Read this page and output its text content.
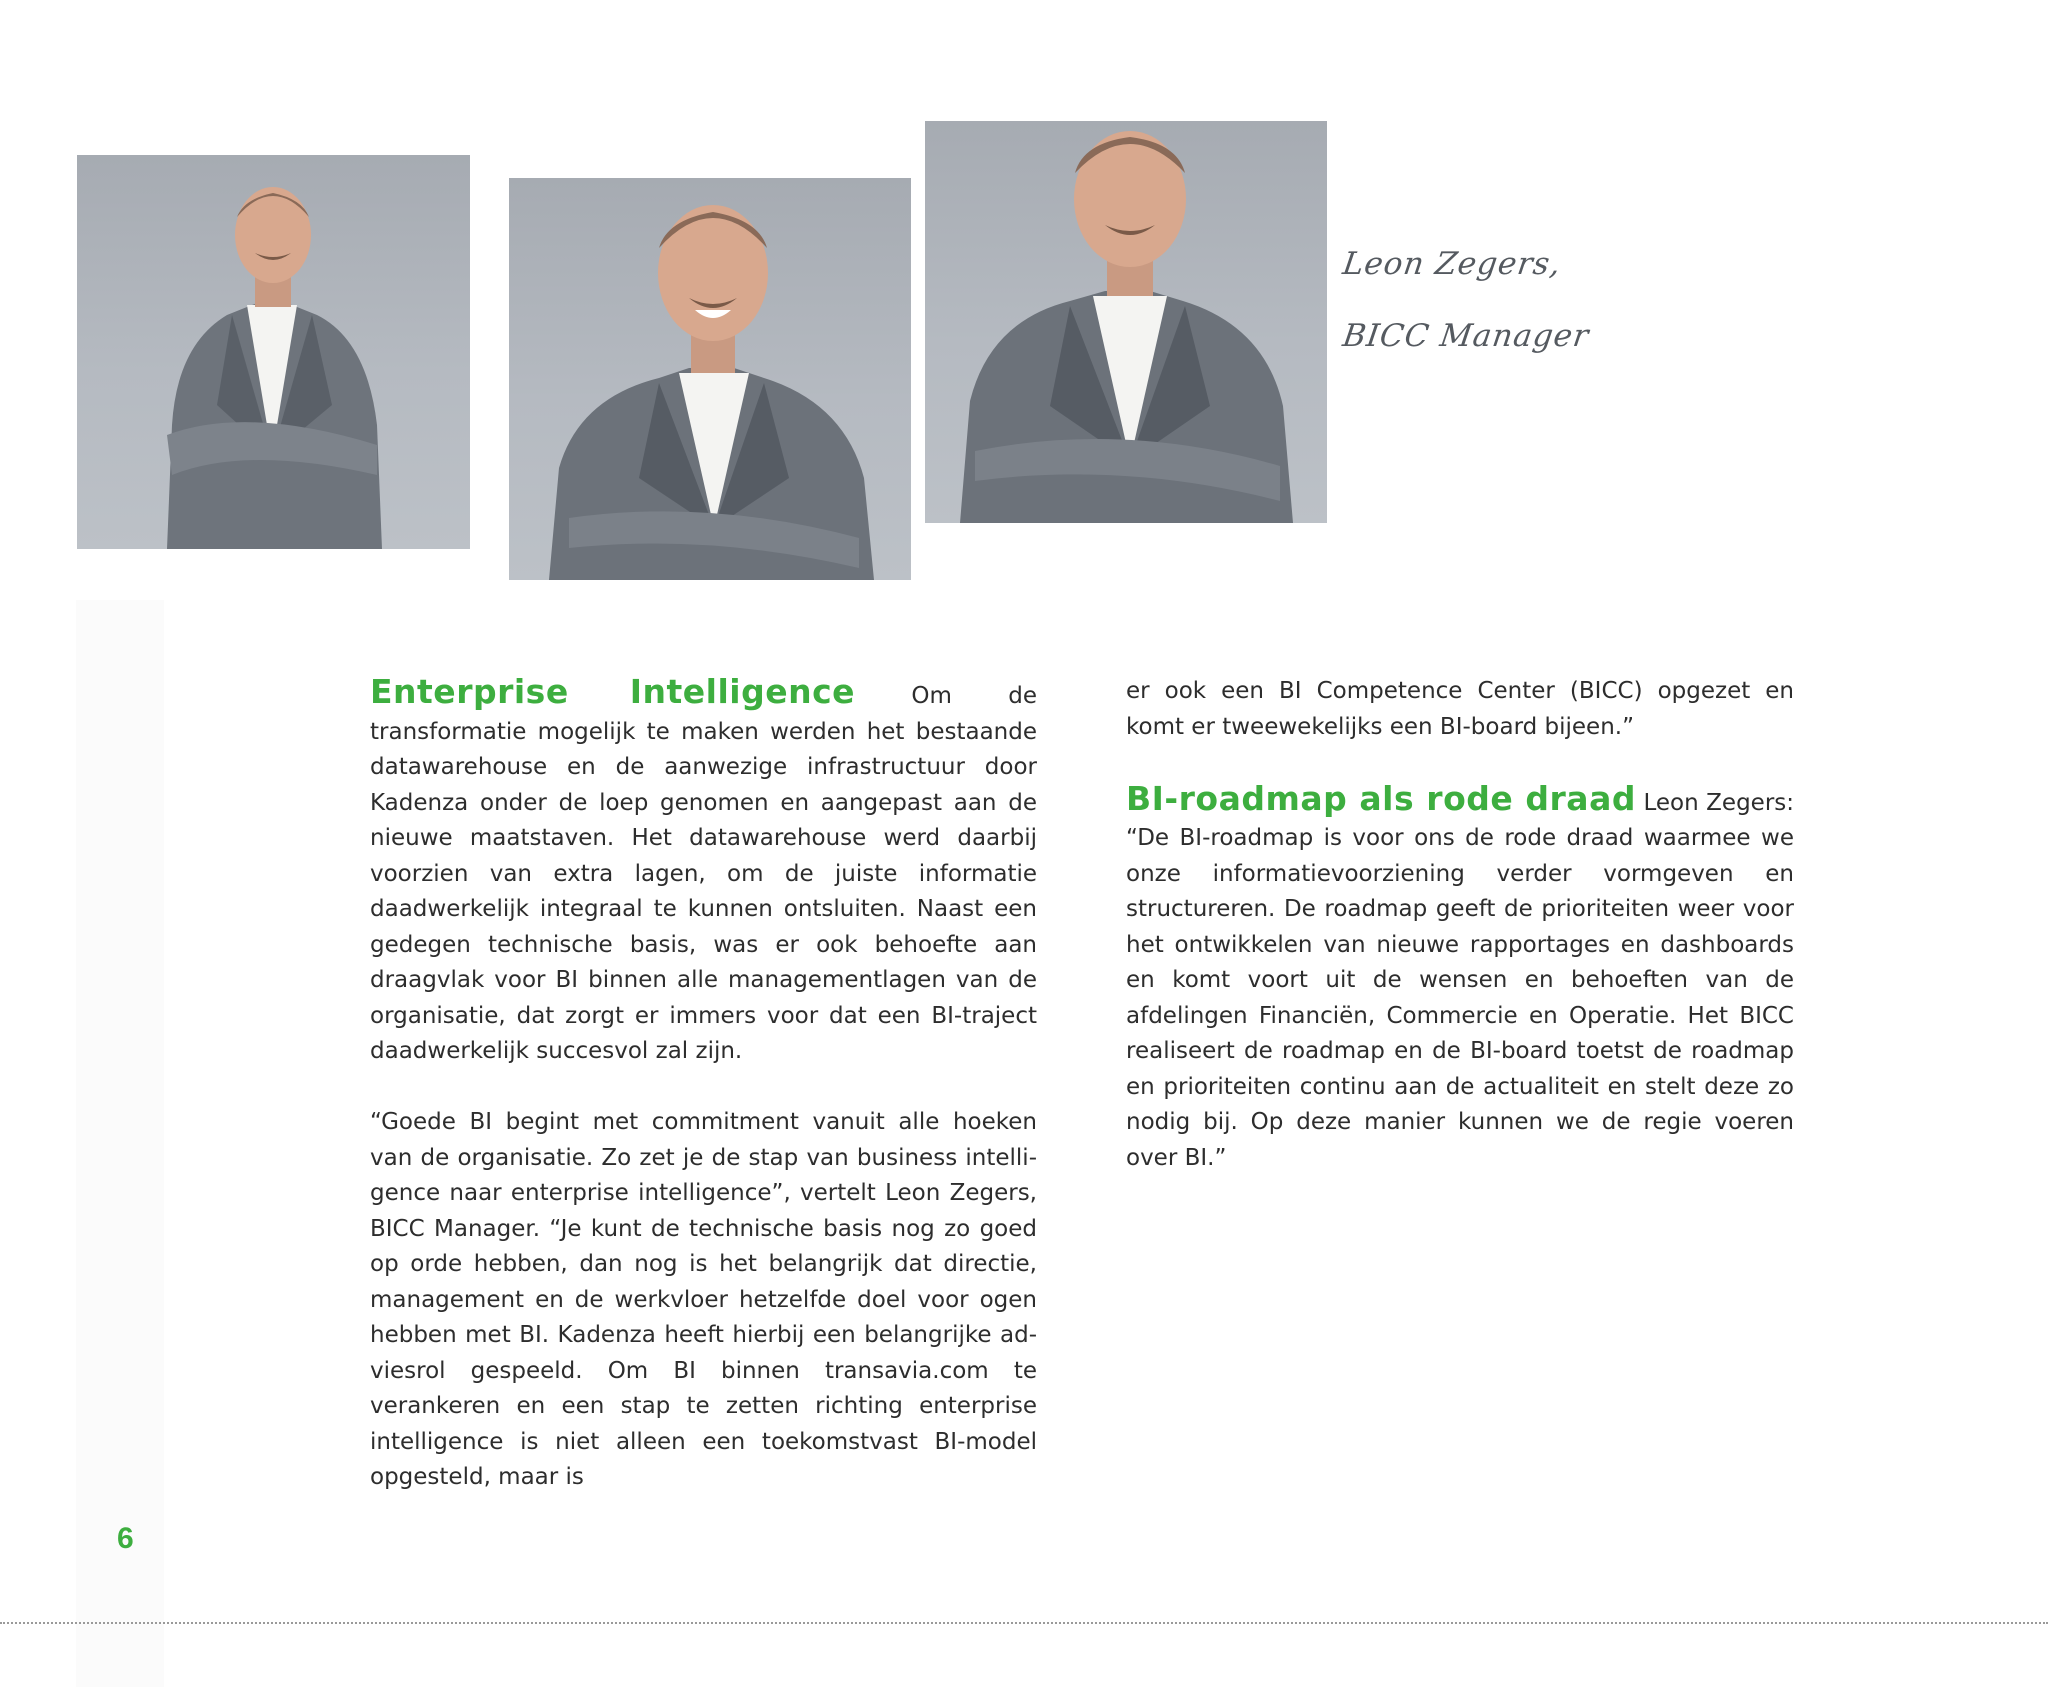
Leon Zegers,
BICC Manager

Enterprise Intelligence Om de transformatie mogelijk te maken werden het bestaande datawarehouse en de aanwezige infrastructuur door Kadenza onder de loep genomen en aangepast aan de nieuwe maatstaven. Het datawarehouse werd daarbij voorzien van extra lagen, om de juiste informatie daadwerkelijk integraal te kunnen ontsluiten. Naast een gedegen technische basis, was er ook behoefte aan draagvlak voor BI binnen alle managementlagen van de organisatie, dat zorgt er immers voor dat een BI-traject daadwerkelijk succesvol zal zijn.

“Goede BI begint met commitment vanuit alle hoeken van de organisatie. Zo zet je de stap van business intelligence naar enterprise intelligence”, vertelt Leon Zegers, BICC Manager. “Je kunt de technische basis nog zo goed op orde hebben, dan nog is het belangrijk dat directie, management en de werkvloer hetzelfde doel voor ogen hebben met BI. Kadenza heeft hierbij een belangrijke adviesrol gespeeld. Om BI binnen transavia.com te verankeren en een stap te zetten richting enterprise intelligence is niet alleen een toekomstvast BI-model opgesteld, maar is

er ook een BI Competence Center (BICC) opgezet en komt er tweewekelijks een BI-board bijeen.”

BI-roadmap als rode draad Leon Zegers: “De BI-roadmap is voor ons de rode draad waarmee we onze informatievoorziening verder vormgeven en structureren. De roadmap geeft de prioriteiten weer voor het ontwikkelen van nieuwe rapportages en dashboards en komt voort uit de wensen en behoeften van de afdelingen Financiën, Commercie en Operatie. Het BICC realiseert de roadmap en de BI-board toetst de roadmap en prioriteiten continu aan de actualiteit en stelt deze zo nodig bij. Op deze manier kunnen we de regie voeren over BI.”

6
